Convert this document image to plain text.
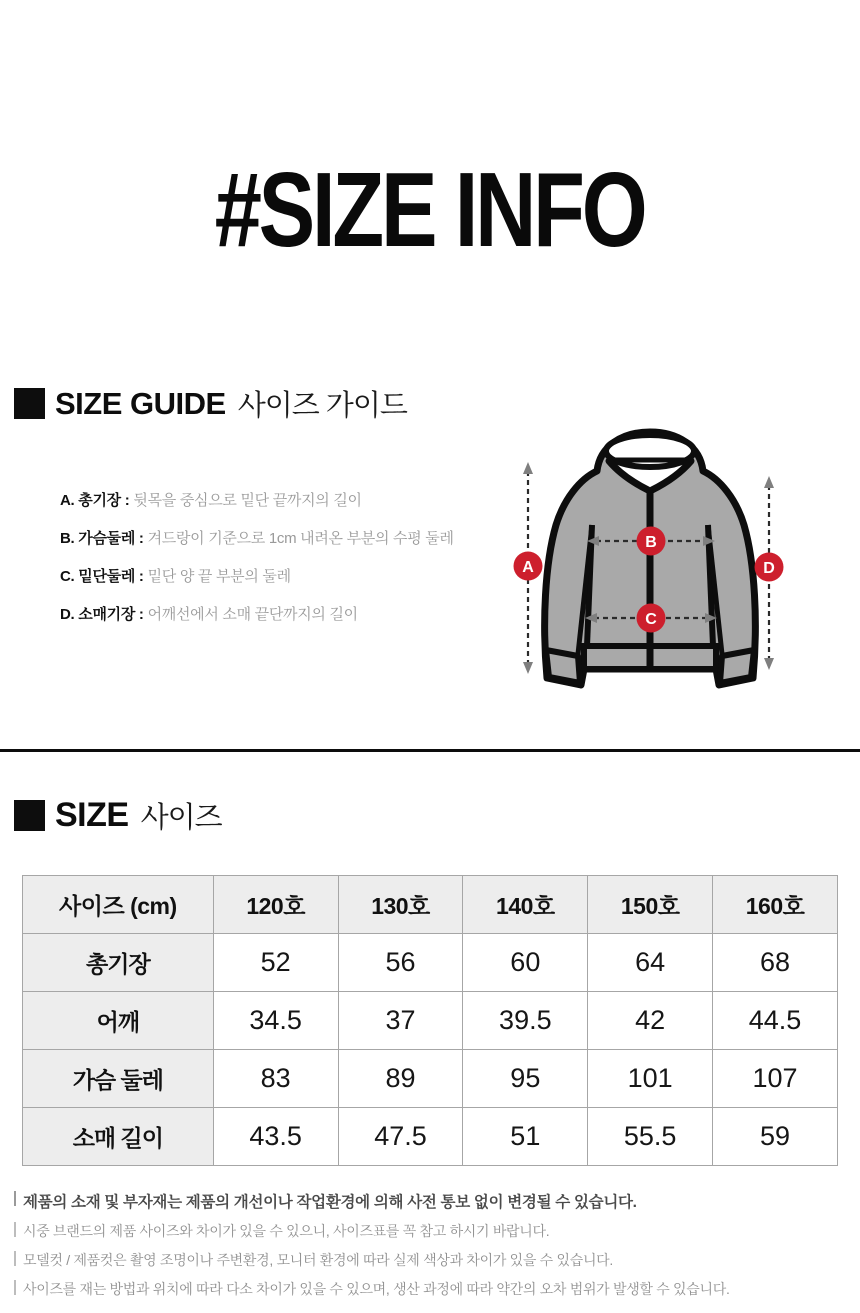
#SIZE INFO
SIZE GUIDE 사이즈 가이드
A. 총기장 : 뒷목을 중심으로 밑단 끝까지의 길이
B. 가슴둘레 : 겨드랑이 기준으로 1cm 내려온 부분의 수평 둘레
C. 밑단둘레 : 밑단 양 끝 부분의 둘레
D. 소매기장 : 어깨선에서 소매 끝단까지의 길이
A
B
C
D
SIZE 사이즈
사이즈 (cm)	120호	130호	140호	150호	160호
총기장	52	56	60	64	68
어깨	34.5	37	39.5	42	44.5
가슴 둘레	83	89	95	101	107
소매 길이	43.5	47.5	51	55.5	59
제품의 소재 및 부자재는 제품의 개선이나 작업환경에 의해 사전 통보 없이 변경될 수 있습니다.
시중 브랜드의 제품 사이즈와 차이가 있을 수 있으니, 사이즈표를 꼭 참고 하시기 바랍니다.
모델컷 / 제품컷은 촬영 조명이나 주변환경, 모니터 환경에 따라 실제 색상과 차이가 있을 수 있습니다.
사이즈를 재는 방법과 위치에 따라 다소 차이가 있을 수 있으며, 생산 과정에 따라 약간의 오차 범위가 발생할 수 있습니다.
